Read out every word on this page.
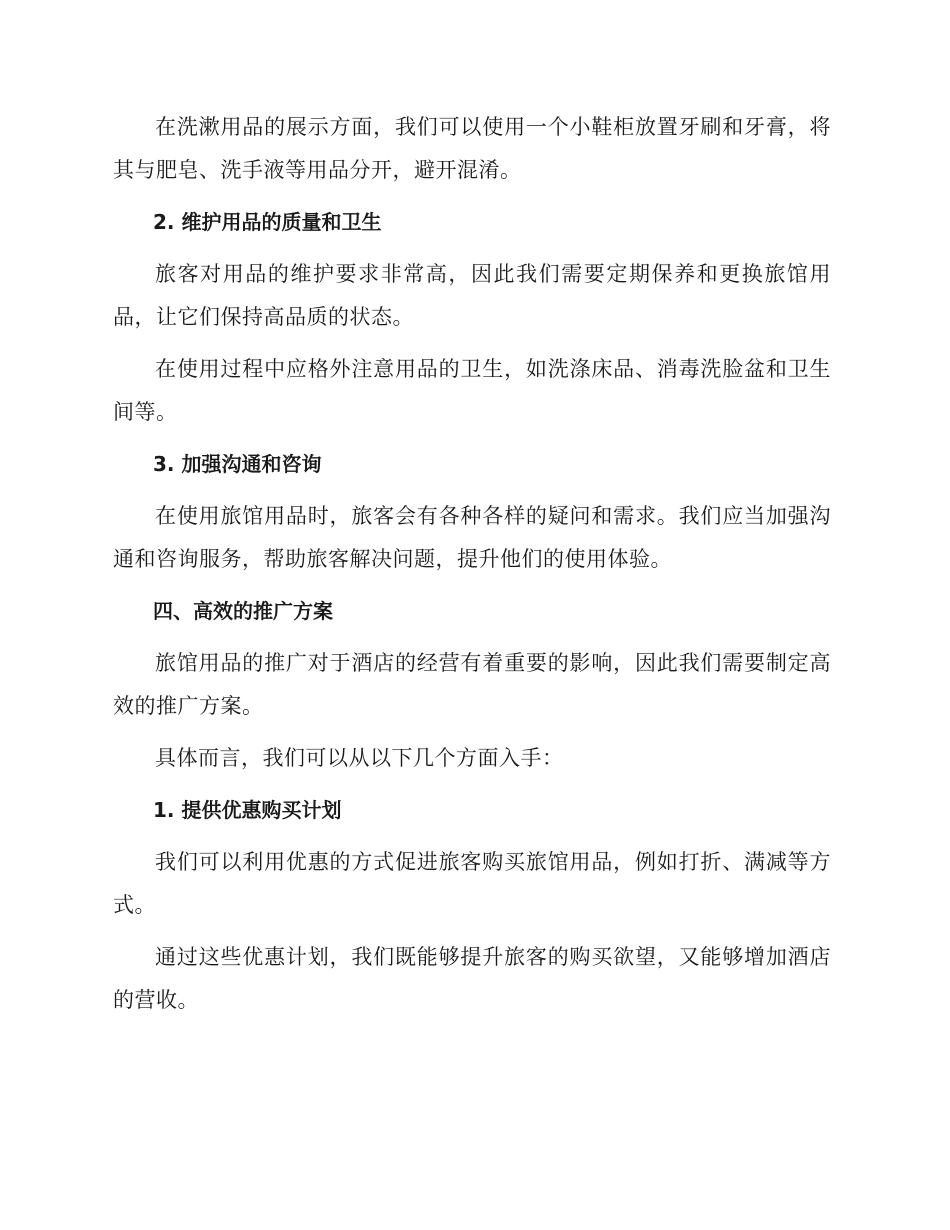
在洗漱用品的展示方面，我们可以使用一个小鞋柜放置牙刷和牙膏，将其与肥皂、洗手液等用品分开，避开混淆。

2. 维护用品的质量和卫生

旅客对用品的维护要求非常高，因此我们需要定期保养和更换旅馆用品，让它们保持高品质的状态。

在使用过程中应格外注意用品的卫生，如洗涤床品、消毒洗脸盆和卫生间等。

3. 加强沟通和咨询

在使用旅馆用品时，旅客会有各种各样的疑问和需求。我们应当加强沟通和咨询服务，帮助旅客解决问题，提升他们的使用体验。

四、高效的推广方案

旅馆用品的推广对于酒店的经营有着重要的影响，因此我们需要制定高效的推广方案。

具体而言，我们可以从以下几个方面入手：

1. 提供优惠购买计划

我们可以利用优惠的方式促进旅客购买旅馆用品，例如打折、满减等方式。

通过这些优惠计划，我们既能够提升旅客的购买欲望，又能够增加酒店的营收。
